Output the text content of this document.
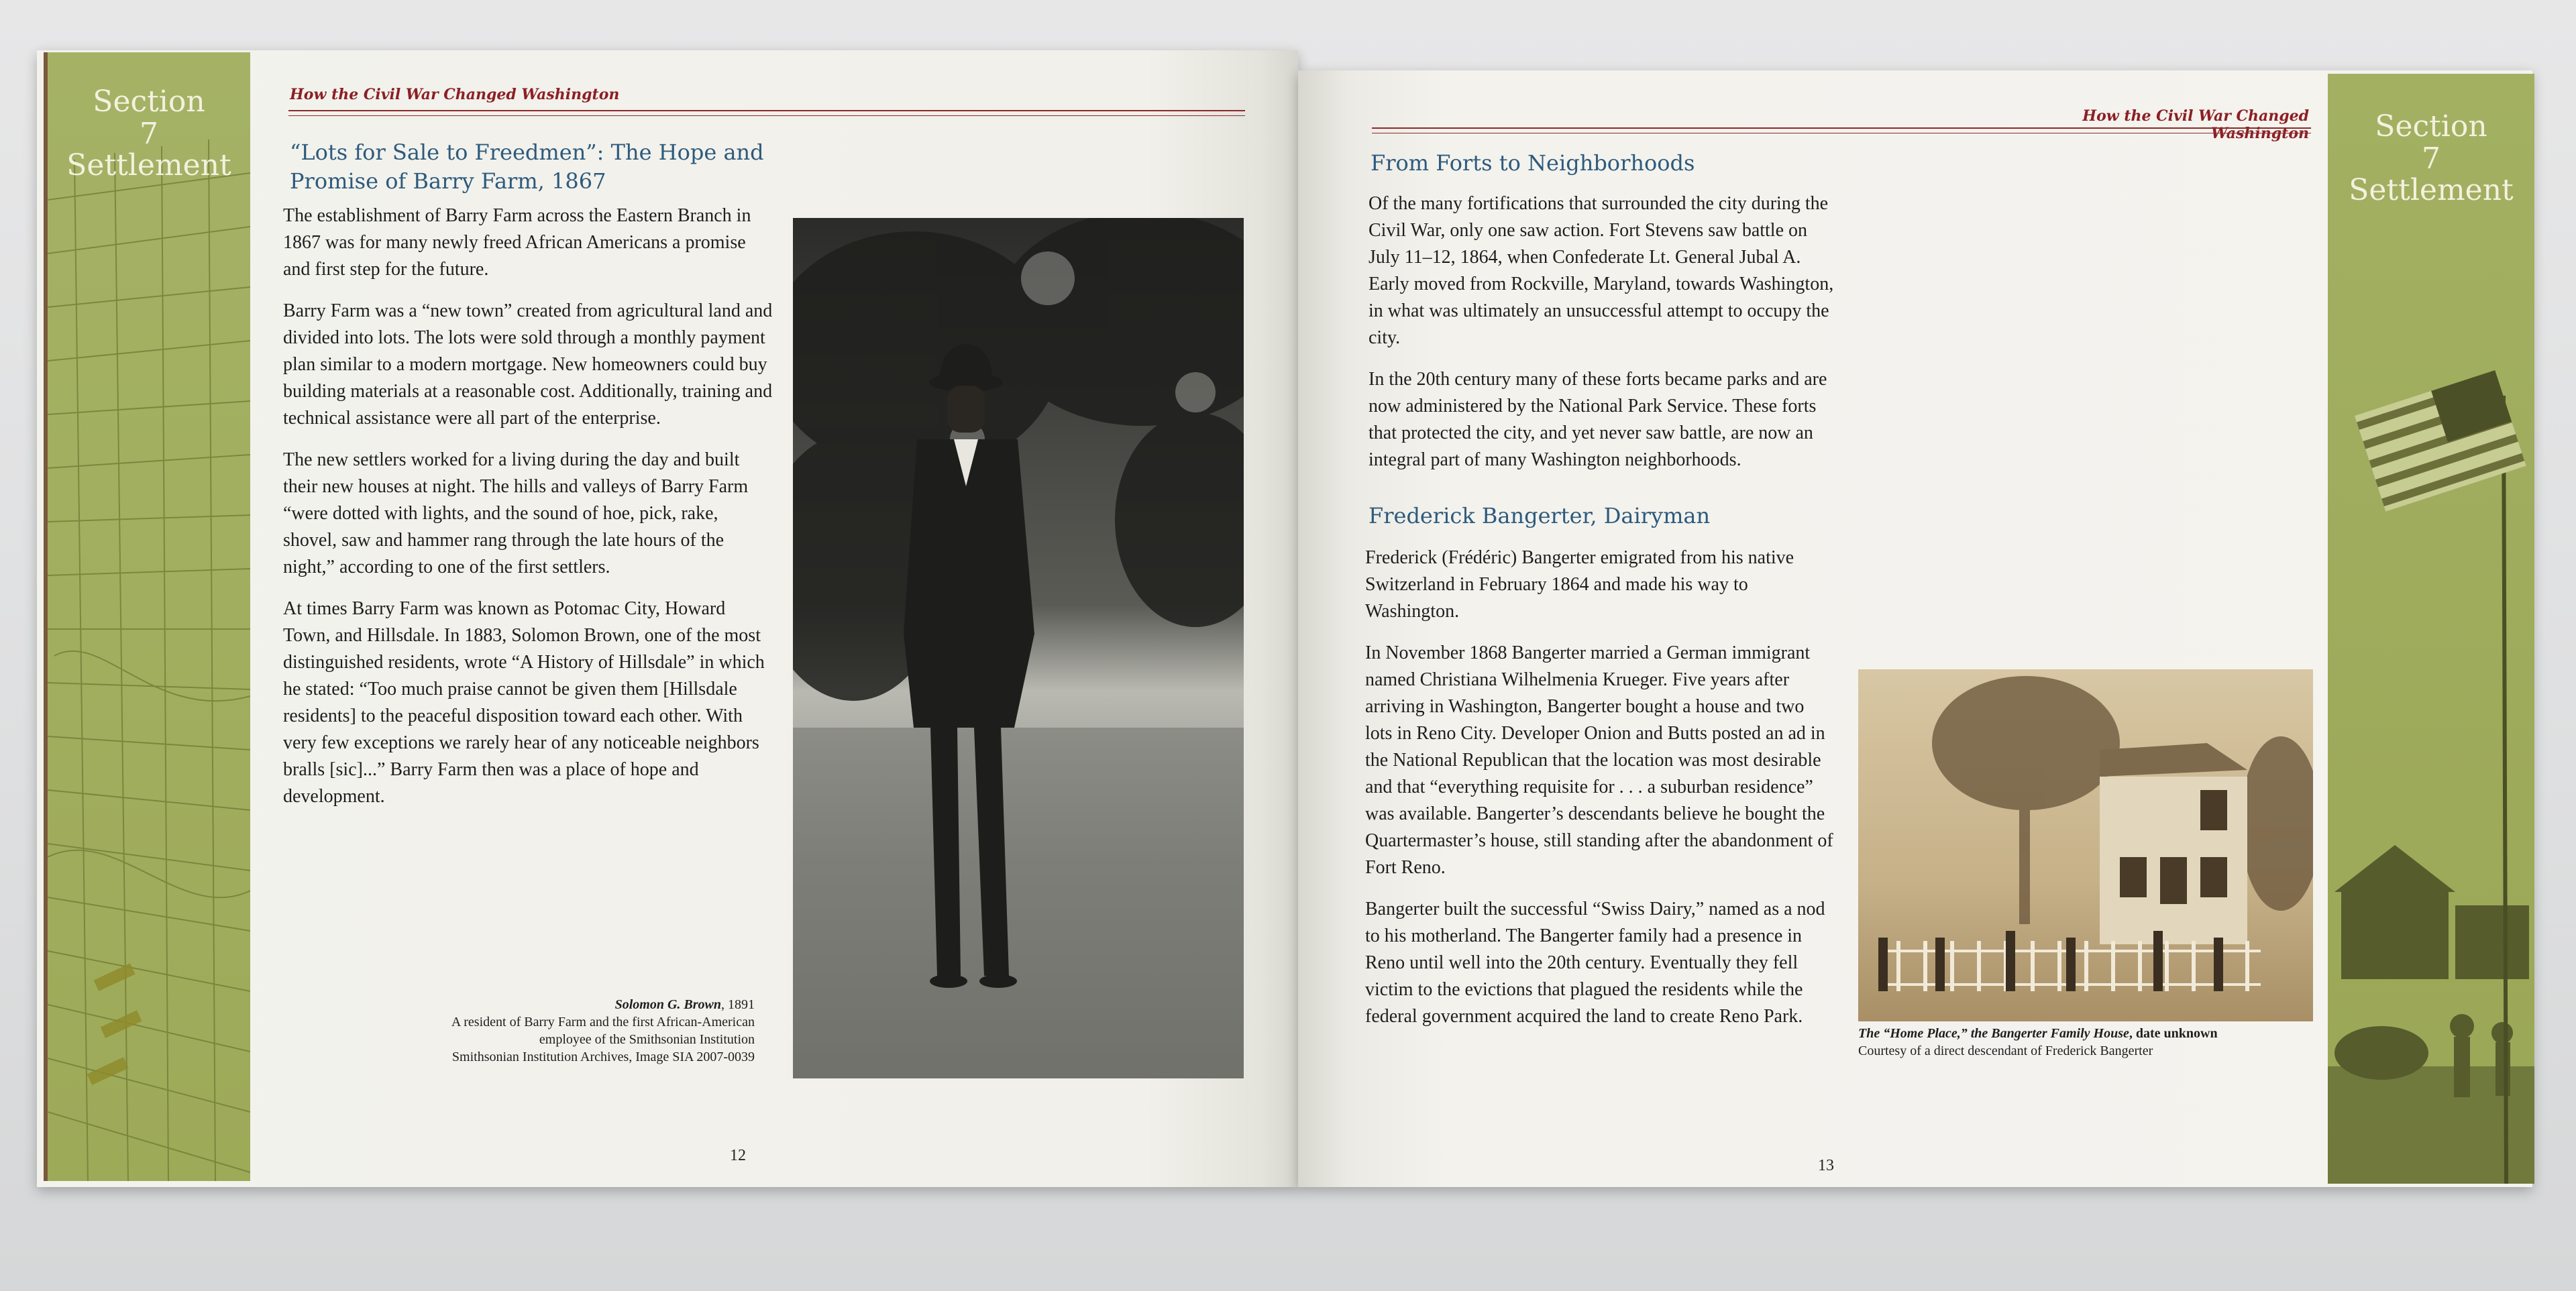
Section
7
Settlement
How the Civil War Changed Washington
“Lots for Sale to Freedmen”: The Hope and
Promise of Barry Farm, 1867

The establishment of Barry Farm across the Eastern Branch in 1867 was for many newly freed African Americans a promise and first step for the future.

Barry Farm was a “new town” created from agricultural land and divided into lots. The lots were sold through a monthly payment plan similar to a modern mortgage. New homeowners could buy building materials at a reasonable cost. Additionally, training and technical assistance were all part of the enterprise.

The new settlers worked for a living during the day and built their new houses at night. The hills and valleys of Barry Farm “were dotted with lights, and the sound of hoe, pick, rake, shovel, saw and hammer rang through the late hours of the night,” according to one of the first settlers.

At times Barry Farm was known as Potomac City, Howard Town, and Hillsdale. In 1883, Solomon Brown, one of the most distinguished residents, wrote “A History of Hillsdale” in which he stated: “Too much praise cannot be given them [Hillsdale residents] to the peaceful disposition toward each other. With very few exceptions we rarely hear of any noticeable neighbors bralls [sic]...” Barry Farm then was a place of hope and development.

Solomon G. Brown, 1891
A resident of Barry Farm and the first African-American
employee of the Smithsonian Institution
Smithsonian Institution Archives, Image SIA 2007-0039
12
Section
7
Settlement
How the Civil War Changed Washington
From Forts to Neighborhoods

Of the many fortifications that surrounded the city during the Civil War, only one saw action. Fort Stevens saw battle on July 11–12, 1864, when Confederate Lt. General Jubal A. Early moved from Rockville, Maryland, towards Washington, in what was ultimately an unsuccessful attempt to occupy the city.

In the 20th century many of these forts became parks and are now administered by the National Park Service. These forts that protected the city, and yet never saw battle, are now an integral part of many Washington neighborhoods.

Frederick Bangerter, Dairyman

Frederick (Frédéric) Bangerter emigrated from his native Switzerland in February 1864 and made his way to Washington.

In November 1868 Bangerter married a German immigrant named Christiana Wilhelmenia Krueger. Five years after arriving in Washington, Bangerter bought a house and two lots in Reno City. Developer Onion and Butts posted an ad in the National Republican that the location was most desirable and that “everything requisite for . . . a suburban residence” was available. Bangerter’s descendants believe he bought the Quartermaster’s house, still standing after the abandonment of Fort Reno.

Bangerter built the successful “Swiss Dairy,” named as a nod to his motherland. The Bangerter family had a presence in Reno until well into the 20th century. Eventually they fell victim to the evictions that plagued the residents while the federal government acquired the land to create Reno Park.

The “Home Place,” the Bangerter Family House, date unknown
Courtesy of a direct descendant of Frederick Bangerter
13
